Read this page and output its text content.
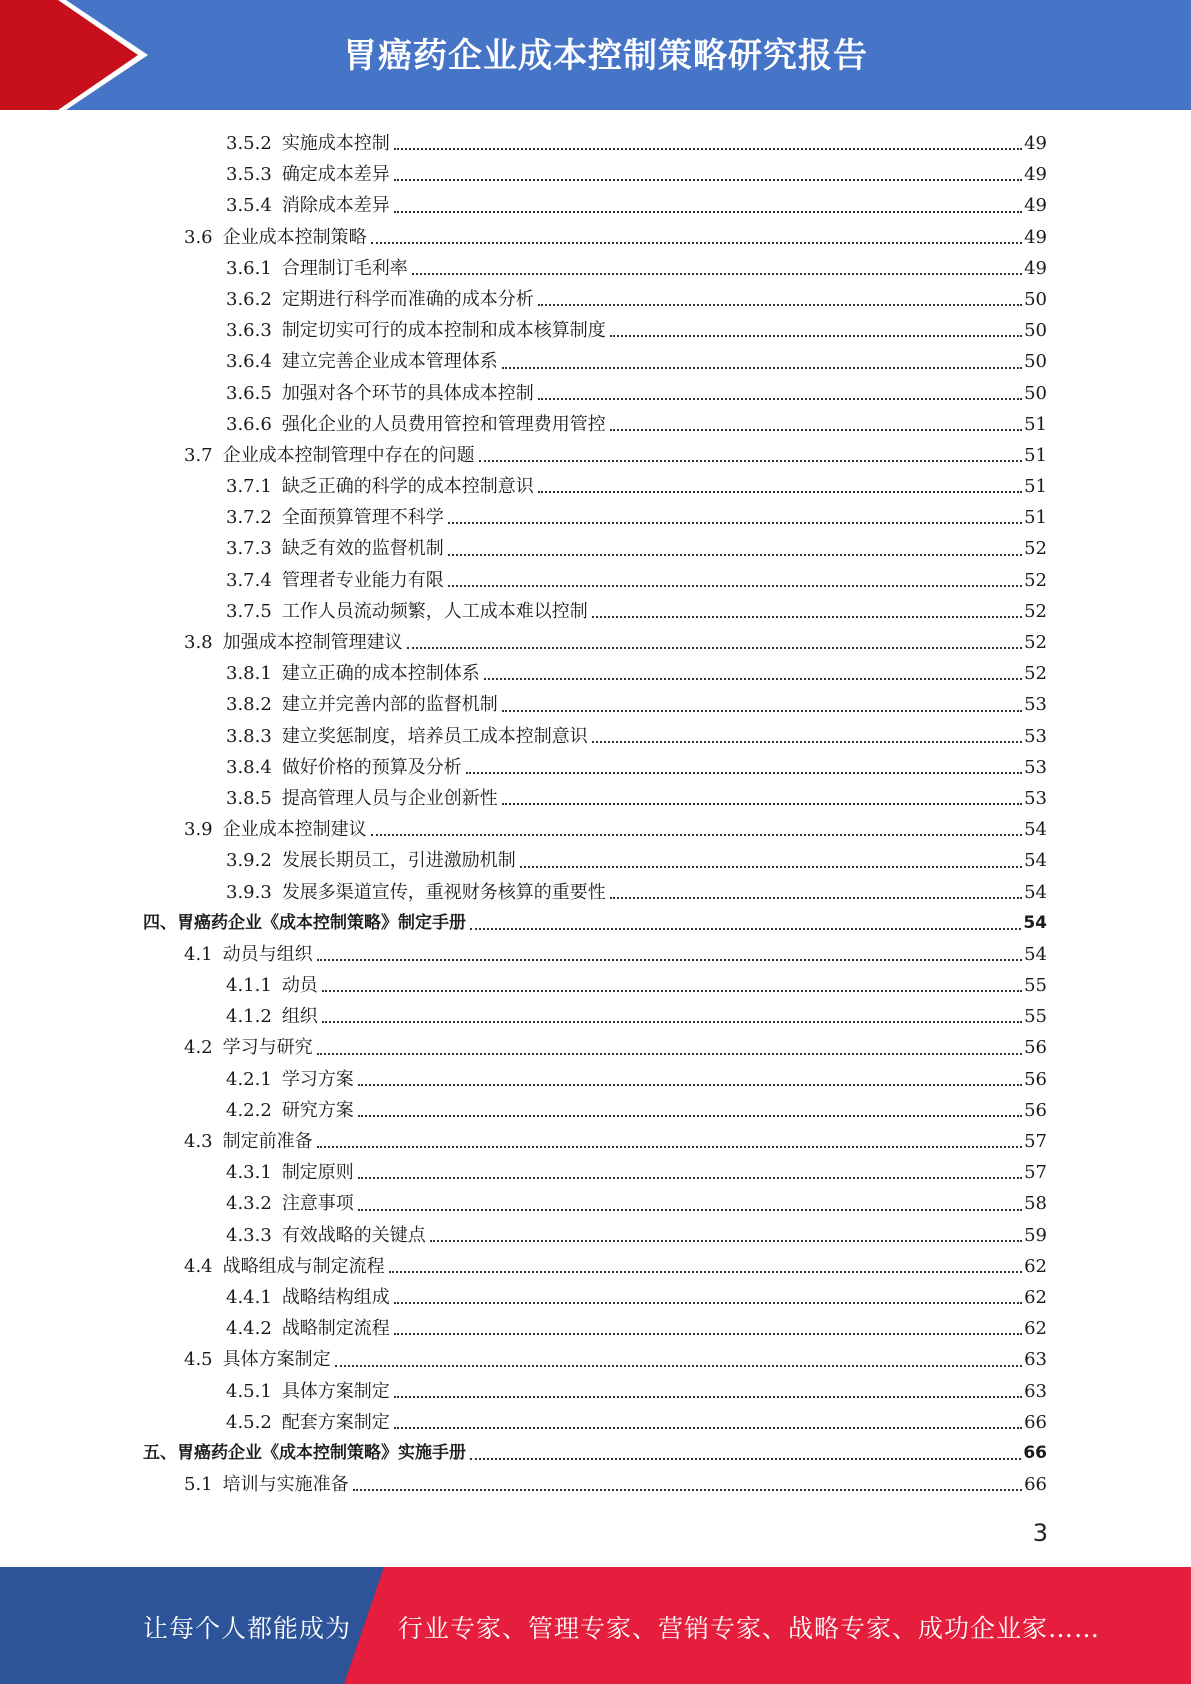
胃癌药企业成本控制策略研究报告
3.5.2 实施成本控制	49
3.5.3 确定成本差异	49
3.5.4 消除成本差异	49
3.6 企业成本控制策略	49
3.6.1 合理制订毛利率	49
3.6.2 定期进行科学而准确的成本分析	50
3.6.3 制定切实可行的成本控制和成本核算制度	50
3.6.4 建立完善企业成本管理体系	50
3.6.5 加强对各个环节的具体成本控制	50
3.6.6 强化企业的人员费用管控和管理费用管控	51
3.7 企业成本控制管理中存在的问题	51
3.7.1 缺乏正确的科学的成本控制意识	51
3.7.2 全面预算管理不科学	51
3.7.3 缺乏有效的监督机制	52
3.7.4 管理者专业能力有限	52
3.7.5 工作人员流动频繁，人工成本难以控制	52
3.8 加强成本控制管理建议	52
3.8.1 建立正确的成本控制体系	52
3.8.2 建立并完善内部的监督机制	53
3.8.3 建立奖惩制度，培养员工成本控制意识	53
3.8.4 做好价格的预算及分析	53
3.8.5 提高管理人员与企业创新性	53
3.9 企业成本控制建议	54
3.9.2 发展长期员工，引进激励机制	54
3.9.3 发展多渠道宣传，重视财务核算的重要性	54
四、 胃癌药企业《成本控制策略》制定手册	54
4.1 动员与组织	54
4.1.1 动员	55
4.1.2 组织	55
4.2 学习与研究	56
4.2.1 学习方案	56
4.2.2 研究方案	56
4.3 制定前准备	57
4.3.1 制定原则	57
4.3.2 注意事项	58
4.3.3 有效战略的关键点	59
4.4 战略组成与制定流程	62
4.4.1 战略结构组成	62
4.4.2 战略制定流程	62
4.5 具体方案制定	63
4.5.1 具体方案制定	63
4.5.2 配套方案制定	66
五、 胃癌药企业《成本控制策略》实施手册	66
5.1 培训与实施准备	66
3
让每个人都能成为 行业专家、管理专家、营销专家、战略专家、成功企业家……
